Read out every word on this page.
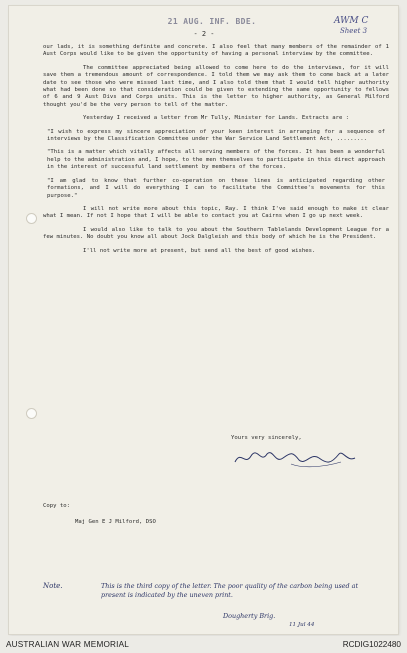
21 AUG. INF. BDE.
- 2 -
AWM C
Sheet 3

our lads, it is something definite and concrete. I also feel that many members of the remainder of 1 Aust Corps would like to be given the opportunity of having a personal interview by the committee.

The committee appreciated being allowed to come here to do the interviews, for it will save them a tremendous amount of correspondence. I told them we may ask them to come back at a later date to see those who were missed last time, and I also told them that I would tell higher authority what had been done so that consideration could be given to extending the same opportunity to fellows of 6 and 9 Aust Divs and Corps units. This is the letter to higher authority, as General Milford thought you'd be the very person to tell of the matter.

Yesterday I received a letter from Mr Tully, Minister for Lands. Extracts are :

"I wish to express my sincere appreciation of your keen interest in arranging for a sequence of interviews by the Classification Committee under the War Service Land Settlement Act, .........

"This is a matter which vitally affects all serving members of the forces. It has been a wonderful help to the administration and, I hope, to the men themselves to participate in this direct approach in the interest of successful land settlement by members of the forces.

"I am glad to know that further co-operation on these lines is anticipated regarding other formations, and I will do everything I can to facilitate the Committee's movements for this purpose."

I will not write more about this topic, Ray. I think I've said enough to make it clear what I mean. If not I hope that I will be able to contact you at Cairns when I go up next week.

I would also like to talk to you about the Southern Tablelands Development League for a few minutes. No doubt you know all about Jock Dalgleish and this body of which he is the President.

I'll not write more at present, but send all the best of good wishes.

Yours very sincerely,
Copy to:
Maj Gen E J Milford, DSO
Note.	This is the third copy of the letter. The poor quality of the carbon being used at present is indicated by the uneven print.
Dougherty Brig.
11 Jul 44
AUSTRALIAN WAR MEMORIAL	RCDIG1022480
